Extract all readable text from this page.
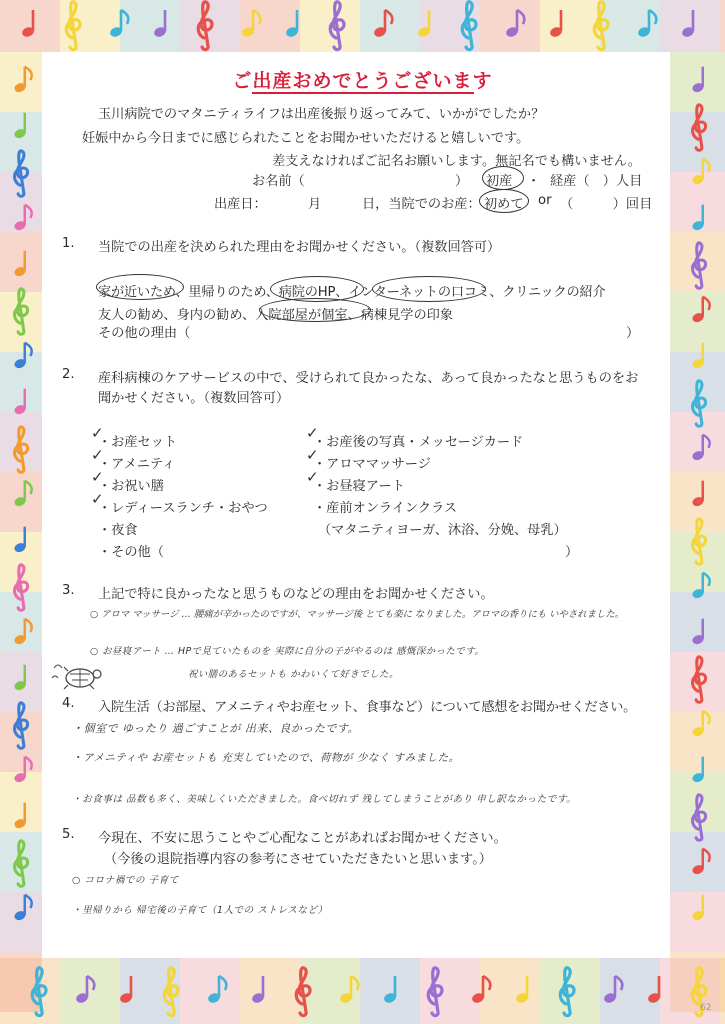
ご出産おめでとうございます
玉川病院でのマタニティライフは出産後振り返ってみて、いかがでしたか？
妊娠中から今日までに感じられたことをお聞かせいただけると嬉しいです。
差支えなければご記名お願いします。無記名でも構いません。
お名前（	） 初産 ・ 経産（　）人目
出産日：	月	日，当院でのお産： 初めて or （　　　）回目
1. 当院での出産を決められた理由をお聞かせください。（複数回答可）
家が近いため、里帰りのため、病院のHP、インターネットの口コミ、クリニックの紹介
友人の勧め、身内の勧め、入院部屋が個室、病棟見学の印象
その他の理由（	）
2. 産科病棟のケアサービスの中で、受けられて良かったな、あって良かったなと思うものをお
聞かせください。（複数回答可）
・お産セット
・アメニティ
・お祝い膳
・レディースランチ・おやつ
・夜食
・その他（	）
・お産後の写真・メッセージカード
・アロママッサージ
・お昼寝アート
・産前オンラインクラス
（マタニティヨーガ、沐浴、分娩、母乳）
✓
✓
✓
✓
✓
✓
✓
3. 上記で特に良かったなと思うものなどの理由をお聞かせください。
○ アロマ マッサージ … 腰痛が辛かったのですが、マッサージ後 とても楽に なりました。アロマの香りにも いやされました。
○ お昼寝アート … HPで見ていたものを 実際に自分の子がやるのは 感慨深かったです。
祝い膳のあるセットも かわいくて好きでした。
4. 入院生活（お部屋、アメニティやお産セット、食事など）について感想をお聞かせください。
・個室で ゆったり 過ごすことが 出来、良かったです。
・アメニティや お産セットも 充実していたので、荷物が 少なく すみました。
・お食事は 品数も多く、美味しくいただきました。食べ切れず 残してしまうことがあり 申し訳なかったです。
5. 今現在、不安に思うことやご心配なことがあればお聞かせください。
（今後の退院指導内容の参考にさせていただきたいと思います。）
○ コロナ禍での 子育て
・里帰りから 帰宅後の子育て（1人での ストレスなど）
62
